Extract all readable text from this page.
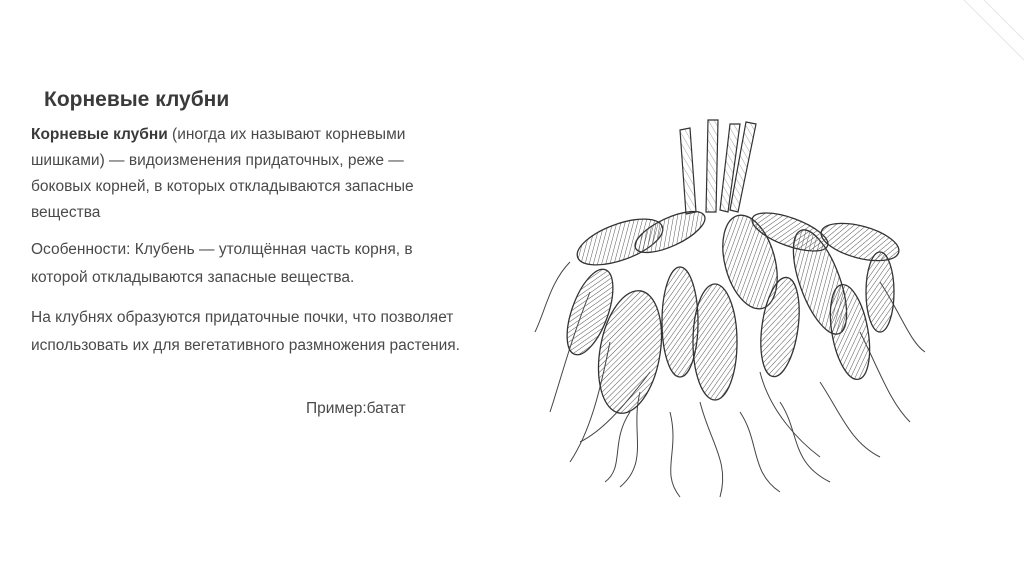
Корневые клубни

Корневые клубни (иногда их называют корневыми шишками) — видоизменения придаточных, реже — боковых корней, в которых откладываются запасные вещества

Особенности: Клубень — утолщённая часть корня, в которой откладываются запасные вещества.

На клубнях образуются придаточные почки, что позволяет использовать их для вегетативного размножения растения.

Пример:батат
